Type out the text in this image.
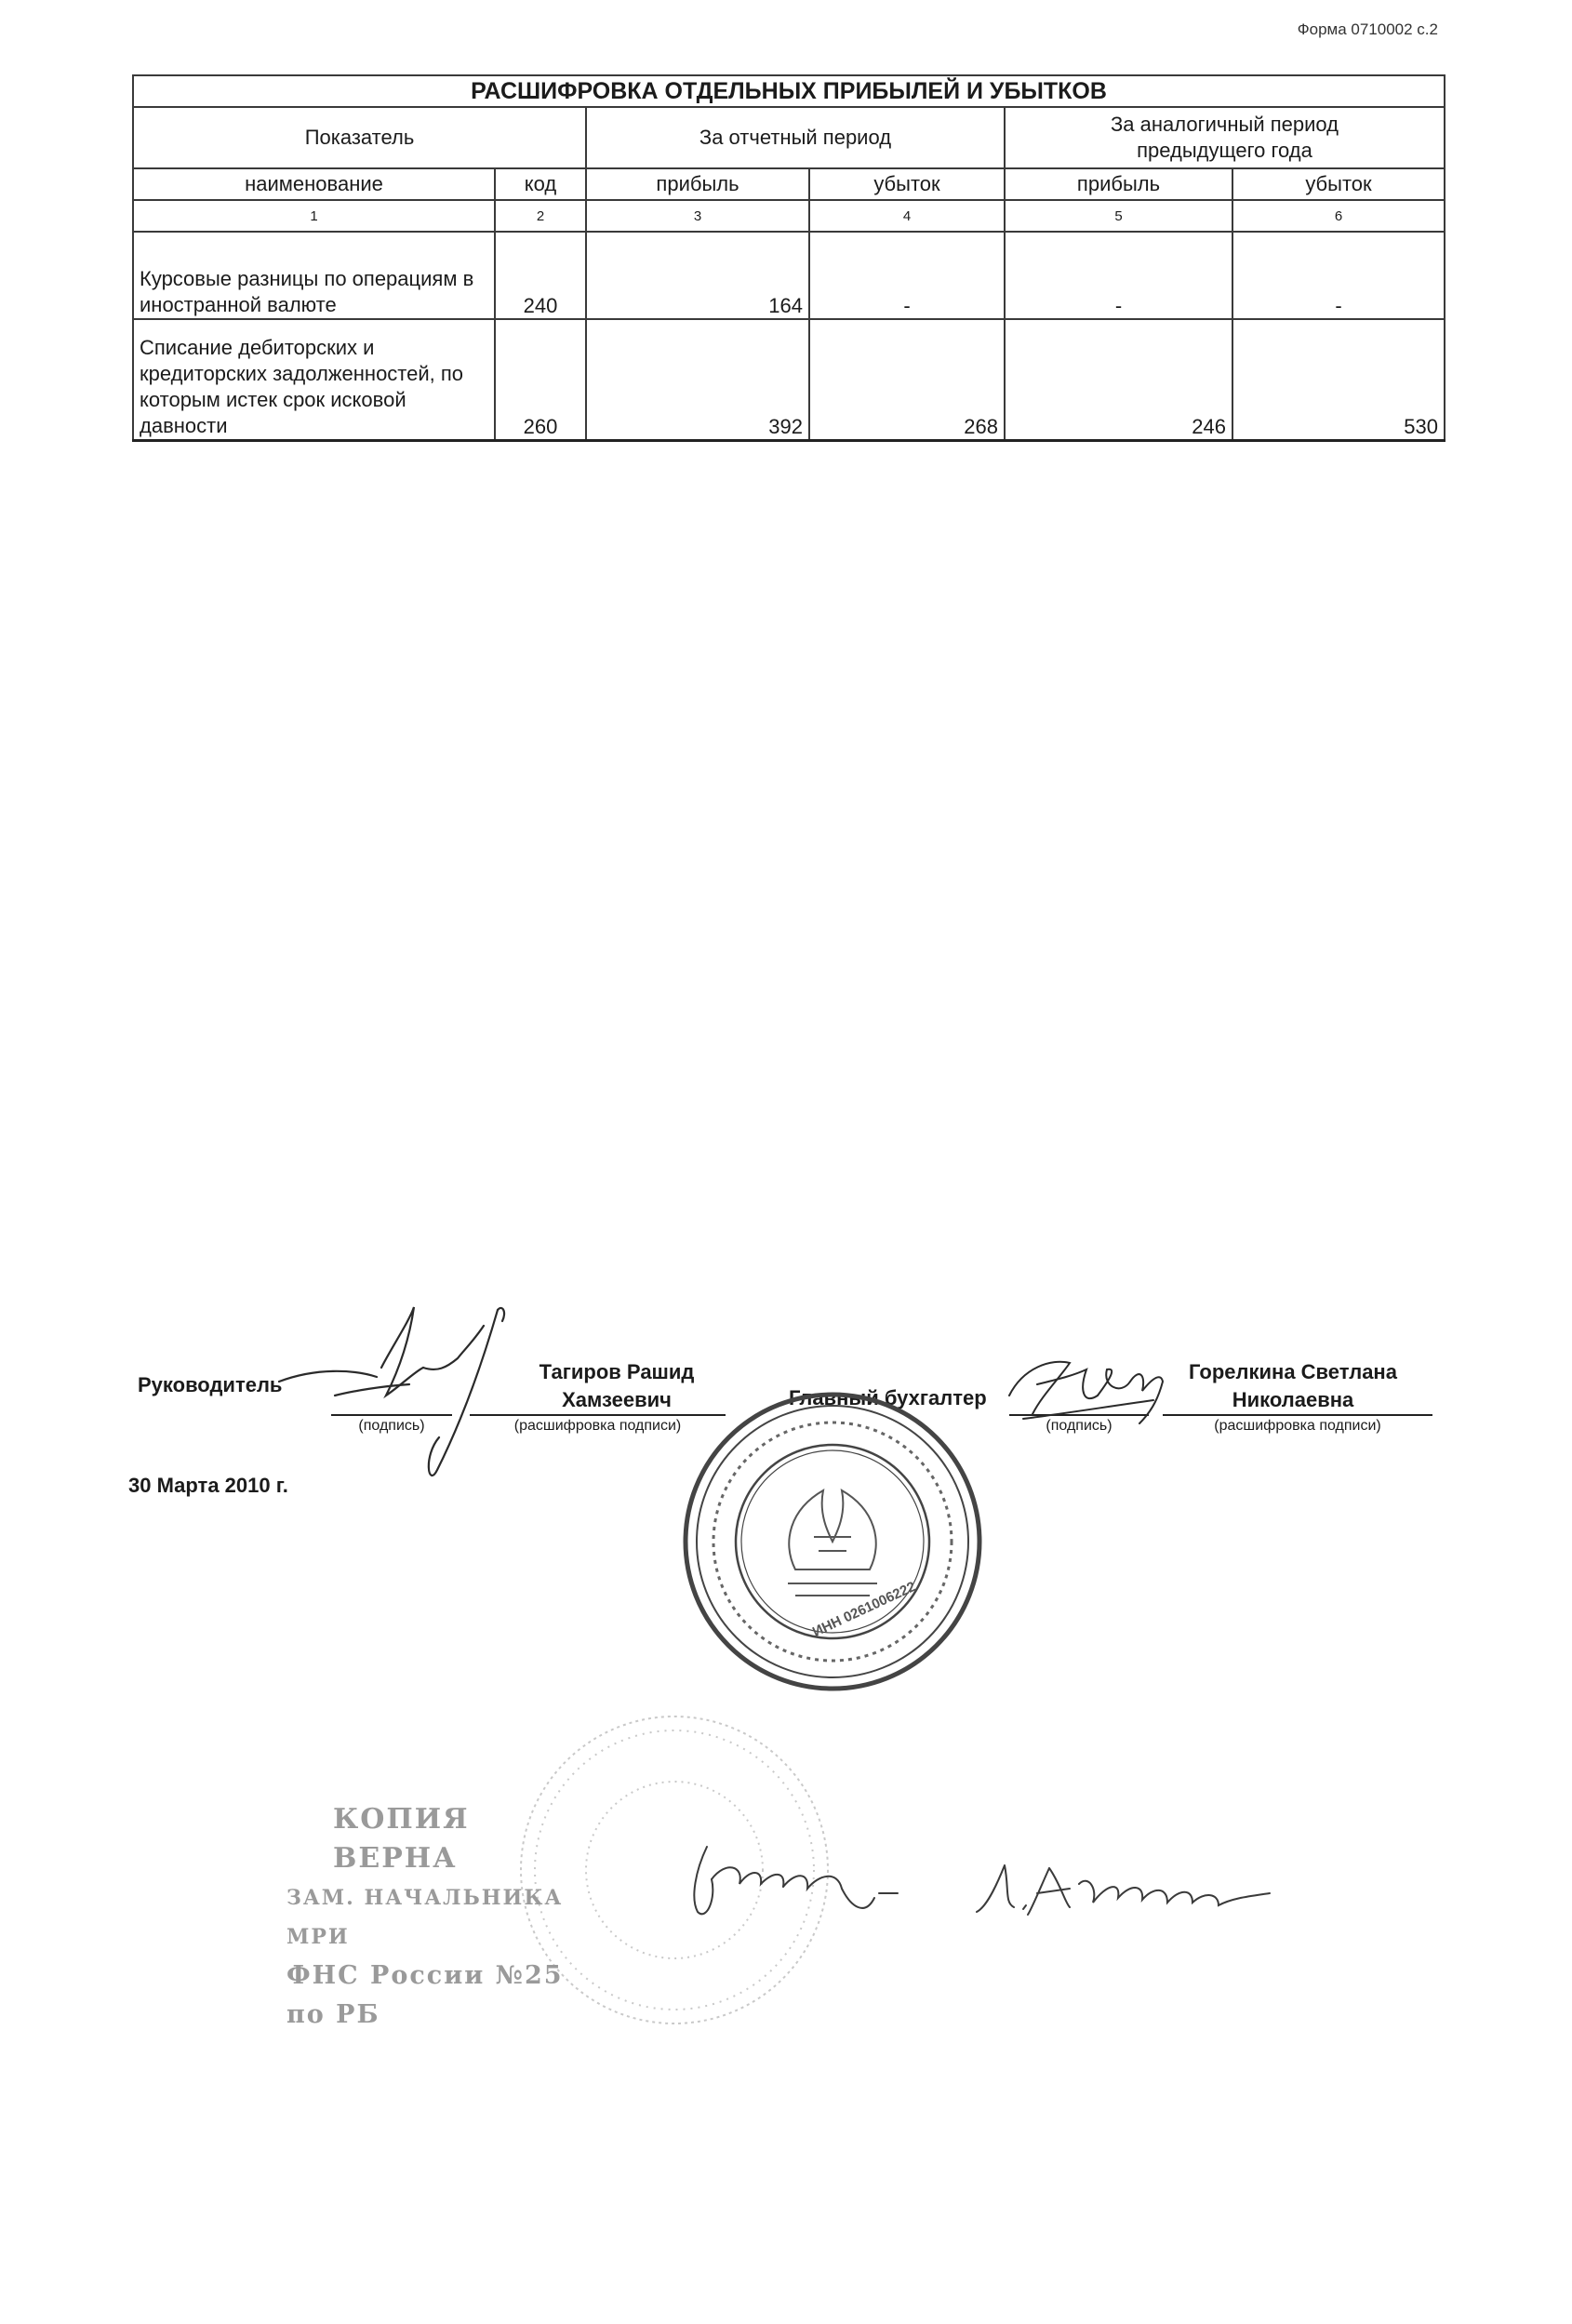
Форма 0710002 с.2
РАСШИФРОВКА ОТДЕЛЬНЫХ ПРИБЫЛЕЙ И УБЫТКОВ					
Показатель		За отчетный период		За аналогичный период предыдущего года	
наименование	код	прибыль	убыток	прибыль	убыток
1	2	3	4	5	6
Курсовые разницы по операциям в иностранной валюте	240	164	-	-	-
Списание дебиторских и кредиторских задолженностей, по которым истек срок исковой давности	260	392	268	246	530
Руководитель
(подпись)
Тагиров Рашид Хамзеевич
(расшифровка подписи)
Главный бухгалтер
(подпись)
Горелкина Светлана Николаевна
(расшифровка подписи)
30 Марта 2010 г.
ИНН 0261006222
КОПИЯ ВЕРНА
ЗАМ. НАЧАЛЬНИКА МРИ
ФНС России №25 по РБ
